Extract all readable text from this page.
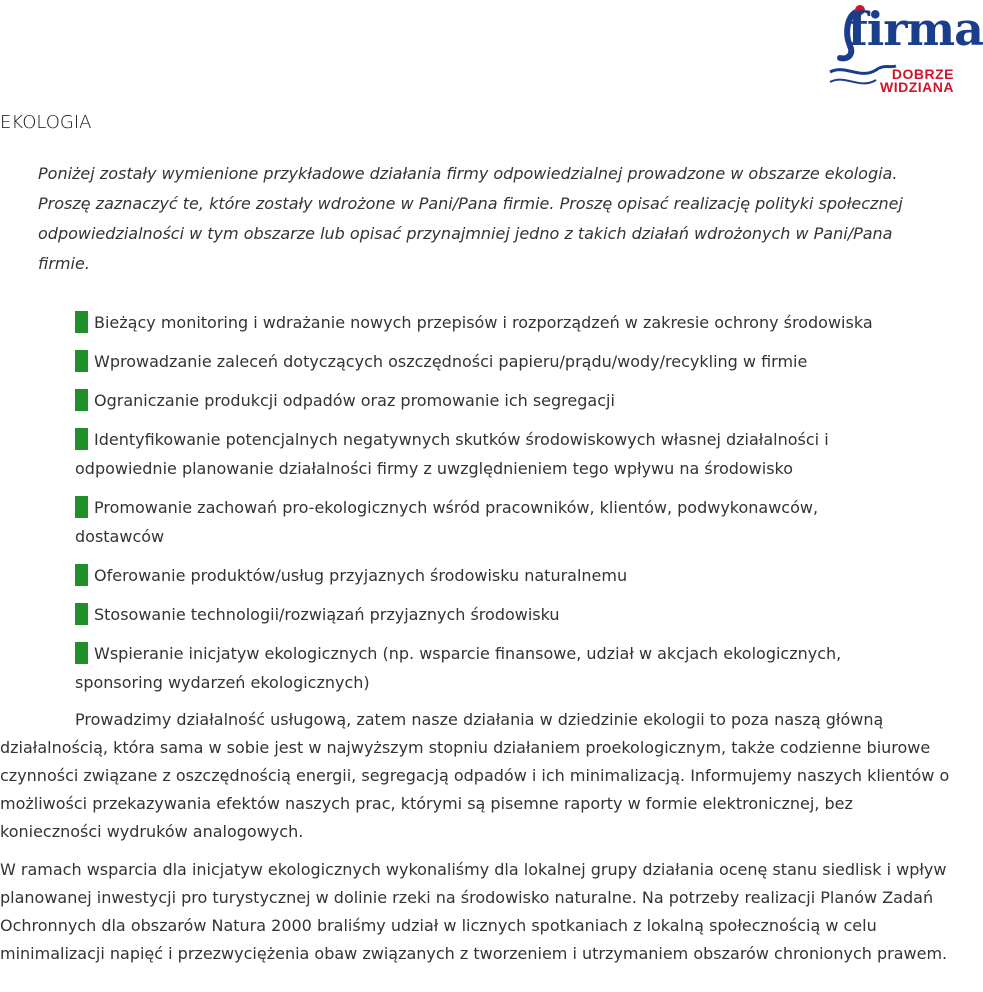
firma
DOBRZE
WIDZIANA
EKOLOGIA
Poniżej zostały wymienione przykładowe działania firmy odpowiedzialnej prowadzone w obszarze ekologia. Proszę zaznaczyć te, które zostały wdrożone w Pani/Pana firmie. Proszę opisać realizację polityki społecznej odpowiedzialności w tym obszarze lub opisać przynajmniej jedno z takich działań wdrożonych w Pani/Pana firmie.
Bieżący monitoring i wdrażanie nowych przepisów i rozporządzeń w zakresie ochrony środowiska
Wprowadzanie zaleceń dotyczących oszczędności papieru/prądu/wody/recykling w firmie
Ograniczanie produkcji odpadów oraz promowanie ich segregacji
Identyfikowanie potencjalnych negatywnych skutków środowiskowych własnej działalności i odpowiednie planowanie działalności firmy z uwzględnieniem tego wpływu na środowisko
Promowanie zachowań pro-ekologicznych wśród pracowników, klientów, podwykonawców, dostawców
Oferowanie produktów/usług przyjaznych środowisku naturalnemu
Stosowanie technologii/rozwiązań przyjaznych środowisku
Wspieranie inicjatyw ekologicznych (np. wsparcie finansowe, udział w akcjach ekologicznych, sponsoring wydarzeń ekologicznych)
Prowadzimy działalność usługową, zatem nasze działania w dziedzinie ekologii to poza naszą główną działalnością, która sama w sobie jest w najwyższym stopniu działaniem proekologicznym, także codzienne biurowe czynności związane z oszczędnością energii, segregacją odpadów i ich minimalizacją. Informujemy naszych klientów o możliwości przekazywania efektów naszych prac, którymi są pisemne raporty w formie elektronicznej, bez konieczności wydruków analogowych.
W ramach wsparcia dla inicjatyw ekologicznych wykonaliśmy dla lokalnej grupy działania ocenę stanu siedlisk i wpływ planowanej inwestycji pro turystycznej w dolinie rzeki na środowisko naturalne. Na potrzeby realizacji Planów Zadań Ochronnych dla obszarów Natura 2000 braliśmy udział w licznych spotkaniach z lokalną społecznością w celu minimalizacji napięć i przezwyciężenia obaw związanych z tworzeniem i utrzymaniem obszarów chronionych prawem.
